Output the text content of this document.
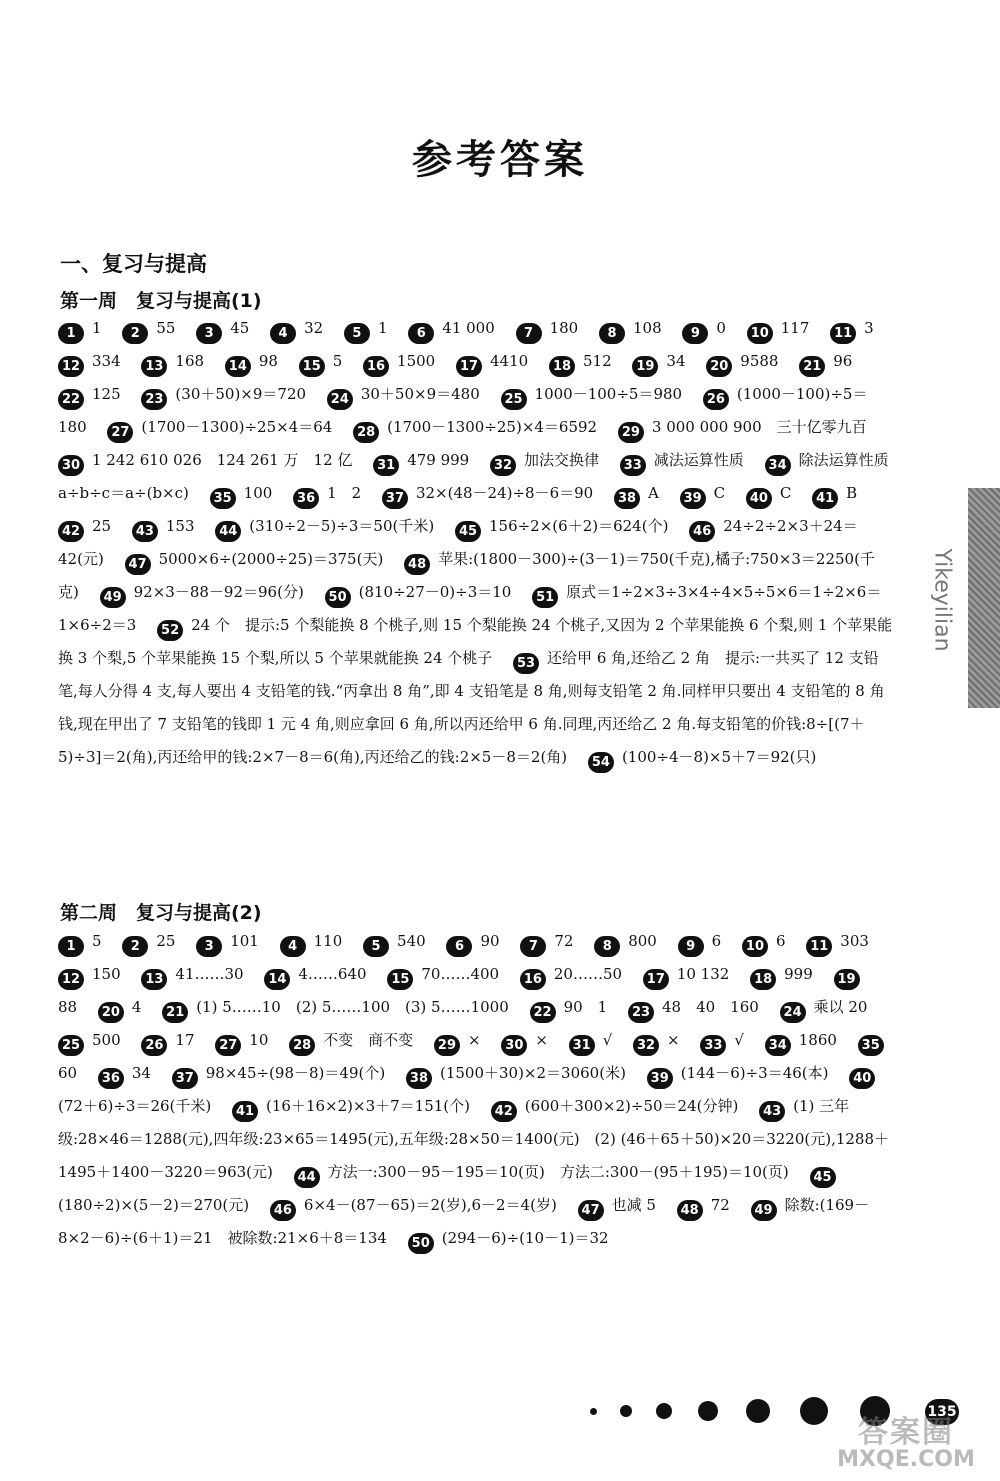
参考答案
一、复习与提高
第一周　复习与提高(1)
1 1 2 55 3 45 4 32 5 1 6 41 000 7 180 8 108 9 0 10 117 11 3 12 334 13 168 14 98 15 5 16 1500 17 4410 18 512 19 34 20 9588 21 96 22 125 23 (30＋50)×9＝720 24 30＋50×9＝480 25 1000－100÷5＝980 26 (1000－100)÷5＝180 27 (1700－1300)÷25×4＝64 28 (1700－1300÷25)×4＝6592 29 3 000 000 900　三十亿零九百 30 1 242 610 026　124 261 万　12 亿 31 479 999 32 加法交换律 33 减法运算性质 34 除法运算性质　a÷b÷c＝a÷(b×c) 35 100 36 1　2 37 32×(48－24)÷8－6＝90 38 A 39 C 40 C 41 B 42 25 43 153 44 (310÷2－5)÷3＝50(千米) 45 156÷2×(6＋2)＝624(个) 46 24÷2÷2×3＋24＝42(元) 47 5000×6÷(2000÷25)＝375(天) 48 苹果:(1800－300)÷(3－1)＝750(千克),橘子:750×3＝2250(千克) 49 92×3－88－92＝96(分) 50 (810÷27－0)÷3＝10 51 原式＝1÷2×3÷3×4÷4×5÷5×6＝1÷2×6＝1×6÷2＝3 52 24 个　提示:5 个梨能换 8 个桃子,则 15 个梨能换 24 个桃子,又因为 2 个苹果能换 6 个梨,则 1 个苹果能换 3 个梨,5 个苹果能换 15 个梨,所以 5 个苹果就能换 24 个桃子 53 还给甲 6 角,还给乙 2 角　提示:一共买了 12 支铅笔,每人分得 4 支,每人要出 4 支铅笔的钱.“丙拿出 8 角”,即 4 支铅笔是 8 角,则每支铅笔 2 角.同样甲只要出 4 支铅笔的 8 角钱,现在甲出了 7 支铅笔的钱即 1 元 4 角,则应拿回 6 角,所以丙还给甲 6 角.同理,丙还给乙 2 角.每支铅笔的价钱:8÷[(7＋5)÷3]＝2(角),丙还给甲的钱:2×7－8＝6(角),丙还给乙的钱:2×5－8＝2(角) 54 (100÷4－8)×5＋7＝92(只)
第二周　复习与提高(2)
1 5 2 25 3 101 4 110 5 540 6 90 7 72 8 800 9 6 10 6 11 303 12 150 13 41……30 14 4……640 15 70……400 16 20……50 17 10 132 18 999 1988 20 4 21 (1) 5……10　(2) 5……100　(3) 5……1000 22 90　1 23 48　40　160 24 乘以 20 25 500 26 17 27 10 28 不变　商不变 29 × 30 × 31 √ 32 × 33 √ 34 1860 3560 36 34 37 98×45÷(98－8)＝49(个) 38 (1500＋30)×2＝3060(米) 39 (144－6)÷3＝46(本) 40(72＋6)÷3＝26(千米) 41 (16＋16×2)×3＋7＝151(个) 42 (600＋300×2)÷50＝24(分钟) 43 (1) 三年级:28×46＝1288(元),四年级:23×65＝1495(元),五年级:28×50＝1400(元)　(2) (46＋65＋50)×20＝3220(元),1288＋1495＋1400－3220＝963(元) 44 方法一:300－95－195＝10(页)　方法二:300－(95＋195)＝10(页) 45(180÷2)×(5－2)＝270(元) 46 6×4－(87－65)＝2(岁),6－2＝4(岁) 47 也减 5 48 72 49 除数:(169－8×2－6)÷(6＋1)＝21　被除数:21×6＋8＝134 50 (294－6)÷(10－1)＝32
Yikeyilian
135
答案圈
MXQE.COM
